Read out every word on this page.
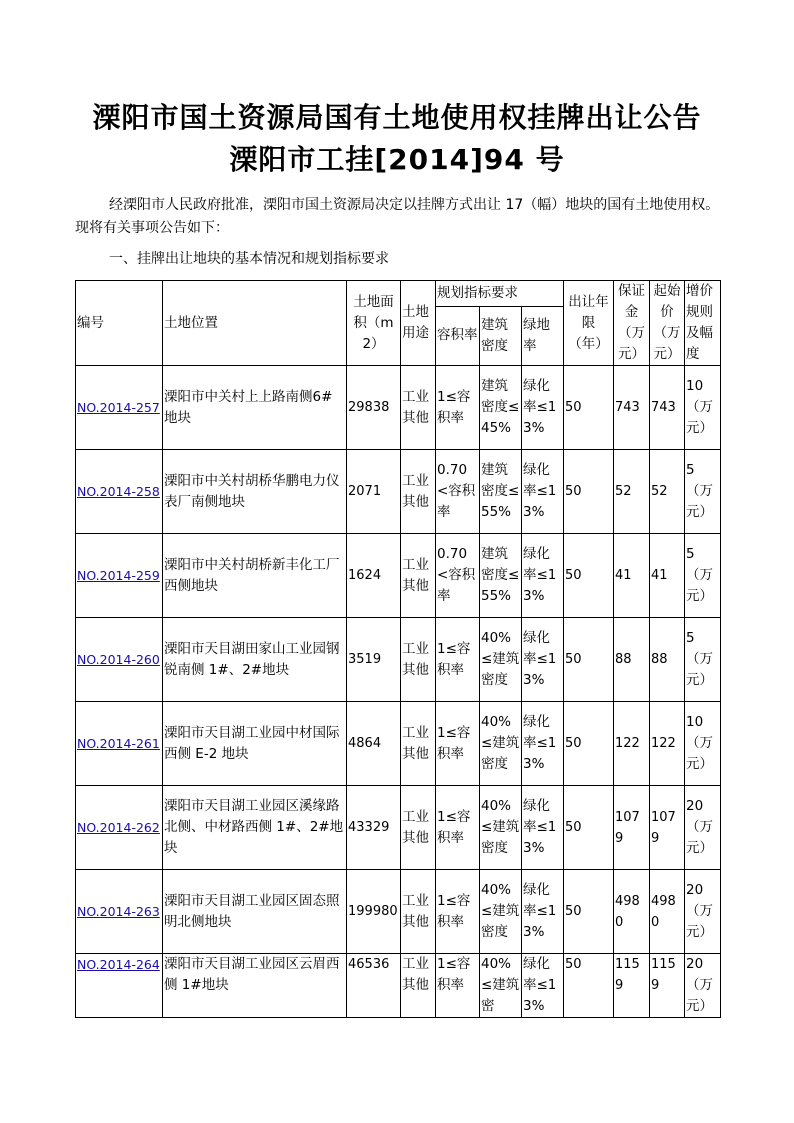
溧阳市国土资源局国有土地使用权挂牌出让公告
溧阳市工挂[2014]94 号
经溧阳市人民政府批准，溧阳市国土资源局决定以挂牌方式出让 17（幅）地块的国有土地使用权。现将有关事项公告如下：
一、挂牌出让地块的基本情况和规划指标要求
编号	土地位置	土地面积（m2）	土地用途	规划指标要求			出让年限（年）	保证金（万元）	起始价（万元）	增价规则及幅度
				容积率	建筑密度	绿地率				
NO.2014-257	溧阳市中关村上上路南侧6#地块	29838	工业其他	1≤容积率	建筑密度≤45%	绿化率≤13%	50	743	743	10（万元）
NO.2014-258	溧阳市中关村胡桥华鹏电力仪表厂南侧地块	2071	工业其他	0.70<容积率	建筑密度≤55%	绿化率≤13%	50	52	52	5（万元）
NO.2014-259	溧阳市中关村胡桥新丰化工厂西侧地块	1624	工业其他	0.70<容积率	建筑密度≤55%	绿化率≤13%	50	41	41	5（万元）
NO.2014-260	溧阳市天目湖田家山工业园钢锐南侧 1#、2#地块	3519	工业其他	1≤容积率	40%≤建筑密度	绿化率≤13%	50	88	88	5（万元）
NO.2014-261	溧阳市天目湖工业园中材国际西侧 E-2 地块	4864	工业其他	1≤容积率	40%≤建筑密度	绿化率≤13%	50	122	122	10（万元）
NO.2014-262	溧阳市天目湖工业园区溪缘路北侧、中材路西侧 1#、2#地块	43329	工业其他	1≤容积率	40%≤建筑密度	绿化率≤13%	50	1079	1079	20（万元）
NO.2014-263	溧阳市天目湖工业园区固态照明北侧地块	199980	工业其他	1≤容积率	40%≤建筑密度	绿化率≤13%	50	4980	4980	20（万元）
NO.2014-264	溧阳市天目湖工业园区云眉西侧 1#地块	46536	工业其他	1≤容积率	40%≤建筑密	绿化率≤13%	50	1159	1159	20（万元）
